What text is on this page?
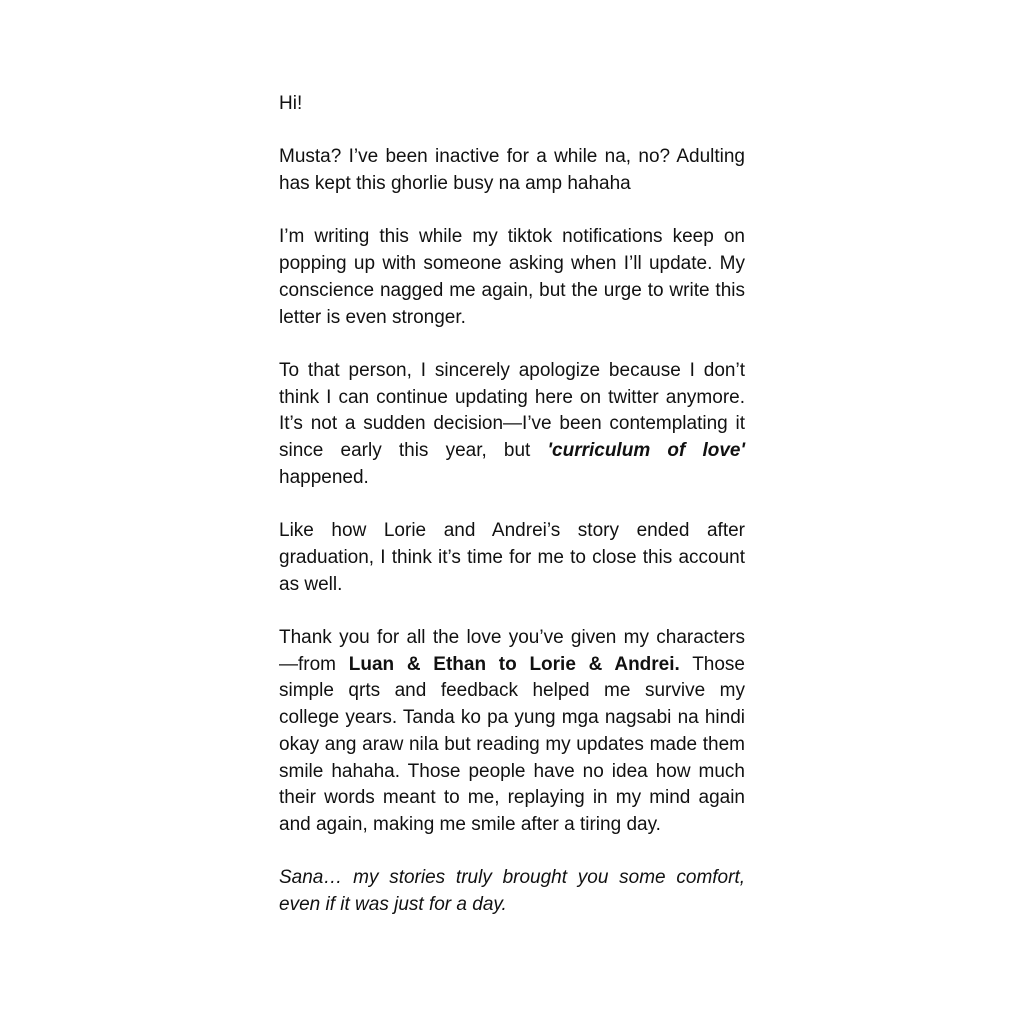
Hi!

Musta? I’ve been inactive for a while na, no? Adulting has kept this ghorlie busy na amp hahaha

I’m writing this while my tiktok notifications keep on popping up with someone asking when I’ll update. My conscience nagged me again, but the urge to write this letter is even stronger.

To that person, I sincerely apologize because I don’t think I can continue updating here on twitter anymore. It’s not a sudden decision—I’ve been contemplating it since early this year, but 'curriculum of love' happened.

Like how Lorie and Andrei’s story ended after graduation, I think it’s time for me to close this account as well.

Thank you for all the love you’ve given my characters—from Luan & Ethan to Lorie & Andrei. Those simple qrts and feedback helped me survive my college years. Tanda ko pa yung mga nagsabi na hindi okay ang araw nila but reading my updates made them smile hahaha. Those people have no idea how much their words meant to me, replaying in my mind again and again, making me smile after a tiring day.

Sana… my stories truly brought you some comfort, even if it was just for a day.
